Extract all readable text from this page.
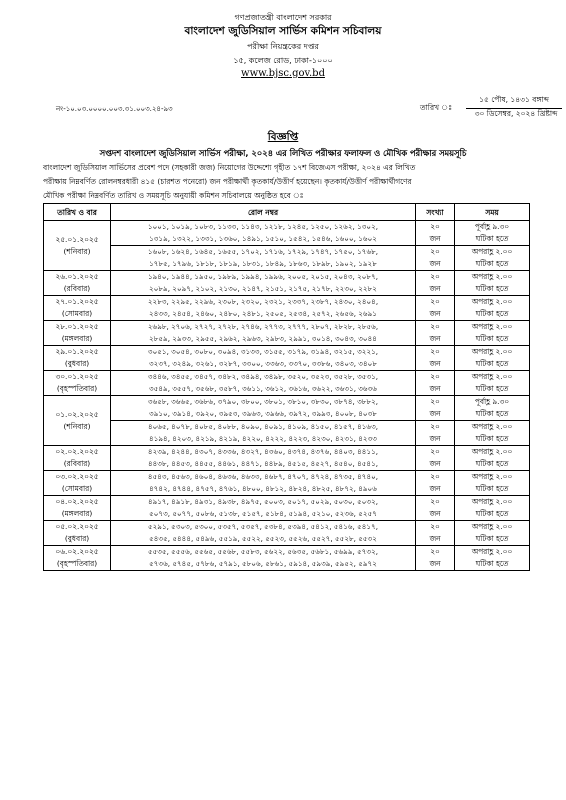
গণপ্রজাতন্ত্রী বাংলাদেশ সরকার
বাংলাদেশ জুডিসিয়াল সার্ভিস কমিশন সচিবালয়
পরীক্ষা নিয়ন্ত্রকের দপ্তর
১৫, কলেজ রোড, ঢাকা-১০০০
www.bjsc.gov.bd
নং-১০.০৩.০০০০.০০৩.৩১.০০৩.২৪-৯৩	তারিখ ঃ
১৫ পৌষ, ১৪৩১ বঙ্গাব্দ
৩০ ডিসেম্বর, ২০২৪ খ্রিষ্টাব্দ
বিজ্ঞপ্তি
সপ্তদশ বাংলাদেশ জুডিসিয়াল সার্ভিস পরীক্ষা, ২০২৪ এর লিখিত পরীক্ষার ফলাফল ও মৌখিক পরীক্ষার সময়সূচি
বাংলাদেশ জুডিসিয়াল সার্ভিসের প্রবেশ পদে (সহকারী জজ) নিয়োগের উদ্দেশ্যে গৃহীত ১৭শ বিজেএস পরীক্ষা, ২০২৪ এর লিখিত
পরীক্ষায় নিম্নবর্ণিত রোলনম্বরধারী ৪১৫ (চারশত পনেরো) জন পরীক্ষার্থী কৃতকার্য/উত্তীর্ণ হয়েছেন। কৃতকার্য/উত্তীর্ণ পরীক্ষার্থীগণের
মৌখিক পরীক্ষা নিম্নবর্ণিত তারিখ ও সময়সূচি অনুযায়ী কমিশন সচিবালয়ে অনুষ্ঠিত হবে ঃ
তারিখ ও বার	রোল নম্বর	সংখ্যা	সময়

২৫.০১.২০২৫
(শনিবার)	১০০১, ১০১৯, ১০৮৩, ১১৩৩, ১১৪৩, ১২১৮, ১২৪৫, ১২৫০, ১২৬২, ১৩০২,
১৩১৯, ১৩২২, ১৩৩১, ১৩৬০, ১৪৯১, ১৫১০, ১৫৪২, ১৫৪৬, ১৬০০, ১৬০২	২০
জন	পূর্বাহ্ণ ৯.৩০
ঘটিকা হতে

	১৬০৮, ১৬২৪, ১৬৪৫, ১৬৫৫, ১৭০২, ১৭১৬, ১৭২৯, ১৭৪৭, ১৭৫০, ১৭৬৮,
১৭৮৫, ১৭৯৬, ১৮১৮, ১৮১৯, ১৮৩১, ১৮৪৯, ১৮৬৩, ১৮৯৮, ১৯০২, ১৯২৮	২০
জন	অপরাহ্ণ ২.০০
ঘটিকা হতে

২৬.০১.২০২৫
(রবিবার)	১৯৪০, ১৯৪৪, ১৯৫০, ১৯৮৯, ১৯৯৪, ১৯৯৬, ২০০৫, ২০১৫, ২০৪৩, ২০৮৭,
২০৮৯, ২০৯৭, ২১০২, ২১৩০, ২১৪৭, ২১৫১, ২১৭৫, ২১৭৮, ২২৩০, ২২৮২	২০
জন	অপরাহ্ণ ২.০০
ঘটিকা হতে

২৭.০১.২০২৫
(সোমবার)	২২৮৩, ২২৯৫, ২২৯৬, ২৩০৮, ২৩২০, ২৩২১, ২৩৩৭, ২৩৮৭, ২৪৩০, ২৪০৪,
২৪৩৩, ২৪৫৪, ২৪৬০, ২৪৮০, ২৪৮১, ২৫০৫, ২৫৩৪, ২৫৭২, ২৬৫৬, ২৬৯১	২০
জন	অপরাহ্ণ ২.০০
ঘটিকা হতে

২৮.০১.২০২৫
(মঙ্গলবার)	২৬৯৮, ২৭০৬, ২৭২৭, ২৭২৮, ২৭৪৬, ২৭৭৩, ২৭৭৭, ২৮০৭, ২৮২৮, ২৮৫৬,
২৮৫৯, ২৯৩৩, ২৯৫৫, ২৯৬২, ২৯৬৩, ২৯৮৩, ২৯৯১, ৩০১৪, ৩০৪৩, ৩০৪৪	২০
জন	অপরাহ্ণ ২.০০
ঘটিকা হতে

২৯.০১.২০২৫
(বুধবার)	৩০৫১, ৩০৫৪, ৩০৮০, ৩০৯৪, ৩১৩৩, ৩১৫৫, ৩১৭৯, ৩১৯৪, ৩২১৫, ৩২২১,
৩২৩৭, ৩২৪৯, ৩২৬১, ৩২৮৭, ৩৩০০, ৩৩৬৩, ৩৩৭০, ৩৩৮৬, ৩৪০৩, ৩৪০৮	২০
জন	অপরাহ্ণ ২.০০
ঘটিকা হতে

৩০.০১.২০২৫
(বৃহস্পতিবার)	৩৪৪৬, ৩৪৫৫, ৩৪৫৭, ৩৪৮২, ৩৪৯৪, ৩৪৯৮, ৩৫২০, ৩৫২৩, ৩৫২৮, ৩৫৩১,
৩৫৪৯, ৩৫৫৭, ৩৫৬৮, ৩৫৮৭, ৩৬১১, ৩৬১২, ৩৬১৬, ৩৬২২, ৩৬৩১, ৩৬৩৬	২০
জন	অপরাহ্ণ ২.০০
ঘটিকা হতে

০১.০২.২০২৫
(শনিবার)	৩৬৫৮, ৩৬৬৫, ৩৬৮৬, ৩৭৯০, ৩৮০০, ৩৮০১, ৩৮১০, ৩৮৩০, ৩৮৭৪, ৩৮৮২,
৩৯১০, ৩৯১৪, ৩৯২০, ৩৯৫৩, ৩৯৬৩, ৩৯৬৬, ৩৯৭২, ৩৯৯৩, ৪০০৮, ৪০৩৮	২০
জন	পূর্বাহ্ণ ৯.৩০
ঘটিকা হতে

	৪০৬৫, ৪০৭৮, ৪০৮৫, ৪০৮৮, ৪০৯০, ৪০৯১, ৪১০৯, ৪১৫০, ৪১৫৭, ৪১৬৩,
৪১৯৪, ৪২০৩, ৪২১৯, ৪২১৯, ৪২২০, ৪২২২, ৪২২৩, ৪২৩০, ৪২৩১, ৪২৩৩	২০
জন	অপরাহ্ণ ২.০০
ঘটিকা হতে

০২.০২.২০২৫
(রবিবার)	৪২৩৯, ৪২৪৪, ৪৩০৭, ৪৩৩৬, ৪৩২৭, ৪৩৬০, ৪৩৭৪, ৪৩৭৬, ৪৪০৩, ৪৪১১,
৪৪৩৮, ৪৪৫৩, ৪৪৫৫, ৪৪৬১, ৪৪৭১, ৪৪৮৯, ৪৫১৫, ৪৫২৭, ৪৫৪০, ৪৫৪১,	২০
জন	অপরাহ্ণ ২.০০
ঘটিকা হতে

০৩.০২.২০২৫
(সোমবার)	৪৫৪৩, ৪৫৬৩, ৪৬০৪, ৪৬৩৬, ৪৬৩৩, ৪৬৮৭, ৪৭০৭, ৪৭২৪, ৪৭৩৫, ৪৭৪০,
৪৭৪২, ৪৭৪৪, ৪৭৫৭, ৪৭৬১, ৪৮০০, ৪৮১২, ৪৮২৪, ৪৮২৫, ৪৮৭২, ৪৯০৬	২০
জন	অপরাহ্ণ ২.০০
ঘটিকা হতে

০৪.০২.২০২৫
(মঙ্গলবার)	৪৯১৭, ৪৯১৮, ৪৯৩১, ৪৯৩৮, ৪৯৭৫, ৫০০৩, ৫০১৭, ৫০২৯, ৫০৩০, ৫০৩২,
৫০৭৩, ৫০৭৭, ৫০৮৬, ৫১৩৮, ৫১৫৭, ৫১৮৪, ৫১৯৪, ৫২১০, ৫২৩৬, ৫২৫৭	২০
জন	অপরাহ্ণ ২.০০
ঘটিকা হতে

০৫.০২.২০২৫
(বুধবার)	৫২৯১, ৫৩০৩, ৫৩০০, ৫৩৫৭, ৫৩৫৭, ৫৩৮৪, ৫৩৯৪, ৫৪১২, ৫৪১৬, ৫৪১৭,
৫৪৩৫, ৫৪৪৪, ৫৪৯৬, ৫৫১৯, ৫৫২২, ৫৫২৩, ৫৫২৬, ৫৫২৭, ৫৫২৮, ৫৫৩২	২০
জন	অপরাহ্ণ ২.০০
ঘটিকা হতে

০৬.০২.২০২৫
(বৃহস্পতিবার)	৫৫৩৫, ৫৫৫৬, ৫৫৬৫, ৫৫৬৮, ৫৫৮৩, ৫৬২২, ৫৬৩৫, ৫৬৮১, ৫৬৯৯, ৫৭৩২,
৫৭৩৬, ৫৭৪৫, ৫৭৮৬, ৫৭৯১, ৫৮০৬, ৫৮৬১, ৫৯১৪, ৫৯৩৯, ৫৯৫২, ৫৯৭২	২০
জন	অপরাহ্ণ ২.০০
ঘটিকা হতে
